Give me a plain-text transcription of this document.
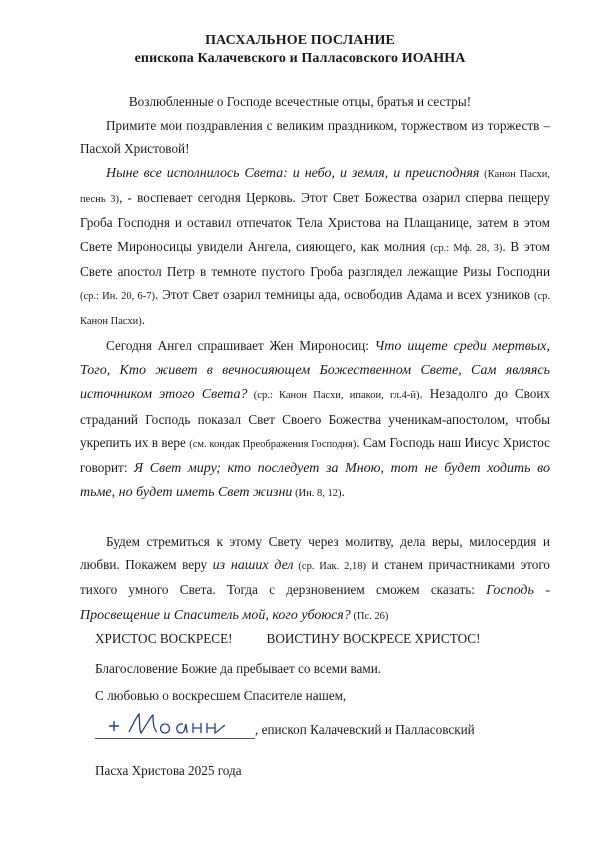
ПАСХАЛЬНОЕ ПОСЛАНИЕ
епископа Калачевского и Палласовского ИОАННА
Возлюбленные о Господе всечестные отцы, братья и сестры!
Примите мои поздравления с великим праздником, торжеством из торжеств – Пасхой Христовой!
Ныне все исполнилось Света: и небо, и земля, и преисподняя (Канон Пасхи, песнь 3), - воспевает сегодня Церковь. Этот Свет Божества озарил сперва пещеру Гроба Господня и оставил отпечаток Тела Христова на Плащанице, затем в этом Свете Мироносицы увидели Ангела, сияющего, как молния (ср.: Мф. 28, 3). В этом Свете апостол Петр в темноте пустого Гроба разглядел лежащие Ризы Господни (ср.: Ин. 20, 6-7). Этот Свет озарил темницы ада, освободив Адама и всех узников (ср. Канон Пасхи).
Сегодня Ангел спрашивает Жен Мироносиц: Что ищете среди мертвых, Того, Кто живет в вечносияющем Божественном Свете, Сам являясь источником этого Света? (ср.: Канон Пасхи, ипакои, гл.4-й). Незадолго до Своих страданий Господь показал Свет Своего Божества ученикам-апостолом, чтобы укрепить их в вере (см. кондак Преображения Господня). Сам Господь наш Иисус Христос говорит: Я Свет миру; кто последует за Мною, тот не будет ходить во тьме, но будет иметь Свет жизни (Ин. 8, 12).
Будем стремиться к этому Свету через молитву, дела веры, милосердия и любви. Покажем веру из наших дел (ср. Иак. 2,18) и станем причастниками этого тихого умного Света. Тогда с дерзновением сможем сказать: Господь - Просвещение и Спаситель мой, кого убоюся? (Пс. 26)
ХРИСТОС ВОСКРЕСЕ!	ВОИСТИНУ ВОСКРЕСЕ ХРИСТОС!
Благословение Божие да пребывает со всеми вами.
С любовью о воскресшем Спасителе нашем,
, епископ Калачевский и Палласовский
Пасха Христова 2025 года
